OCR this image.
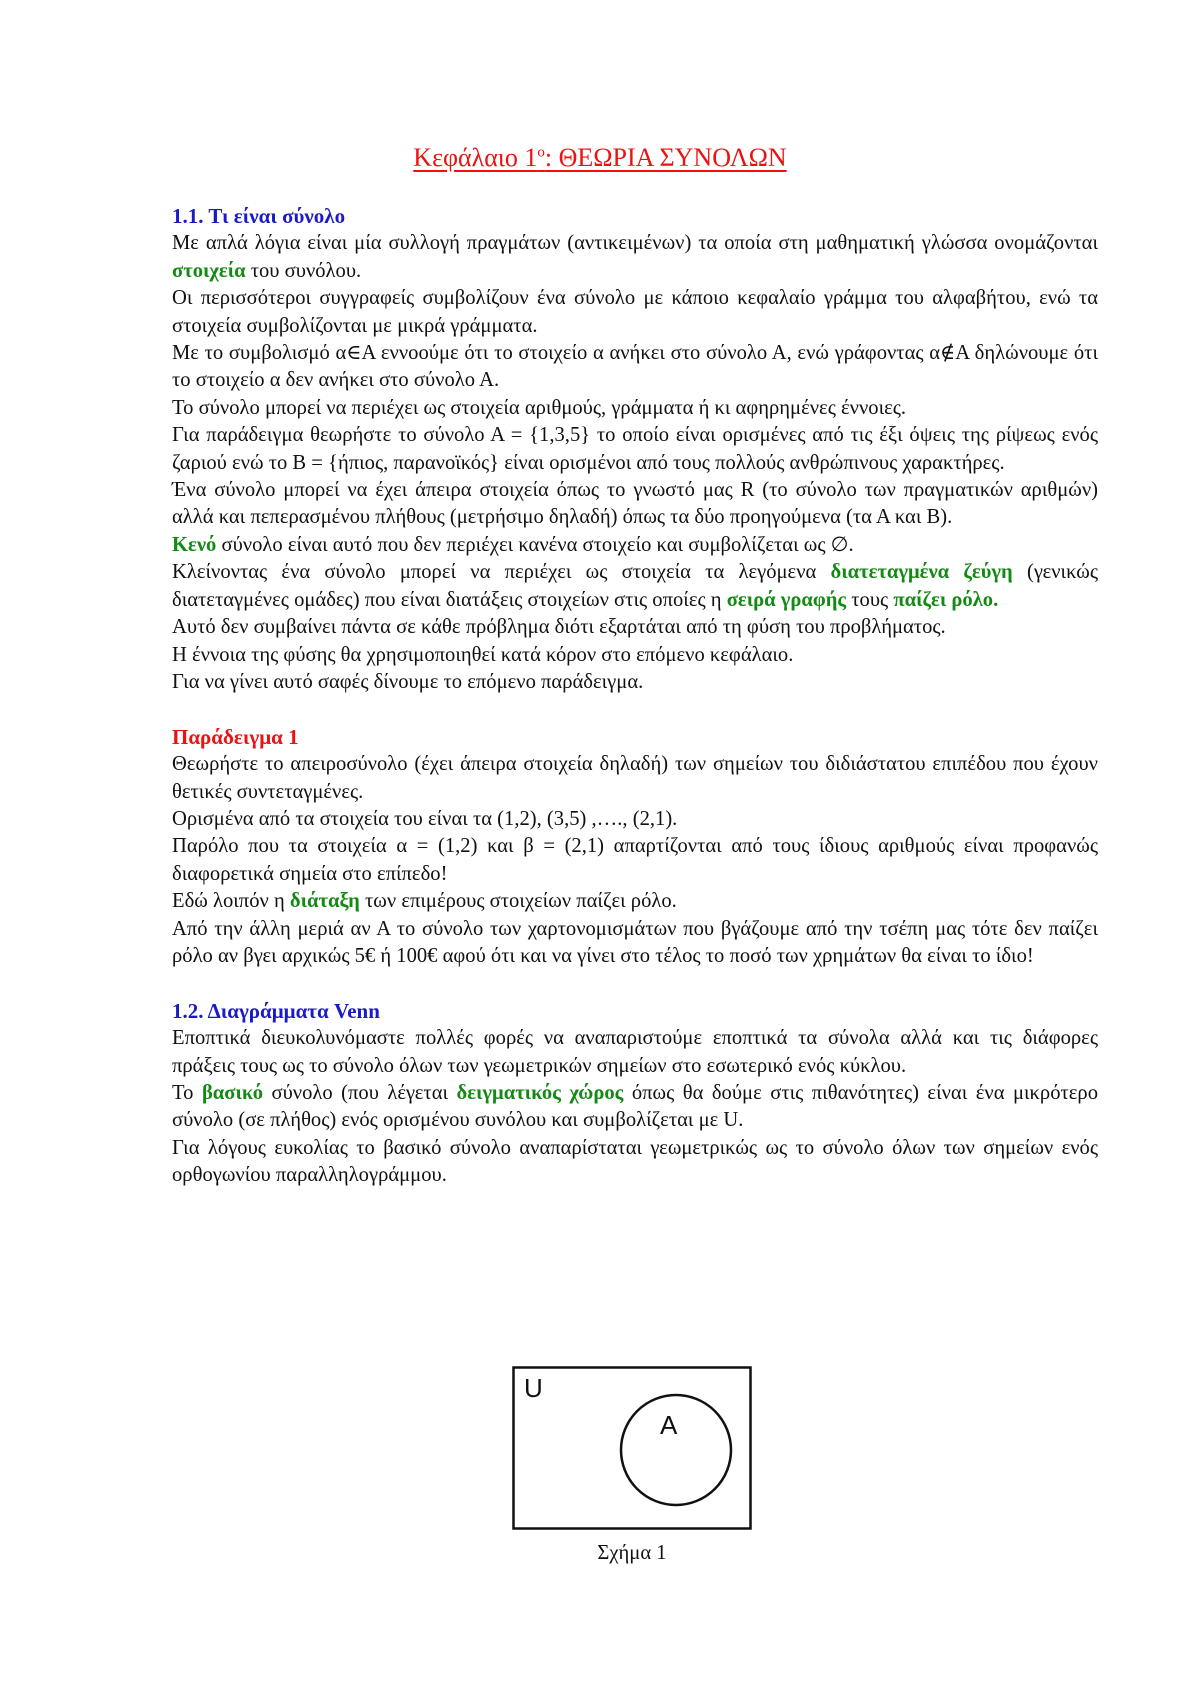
Κεφάλαιο $1^o$: ΘΕΩΡΙΑ ΣΥΝΟΛΩΝ

1.1. Τι είναι σύνολο

Με απλά λόγια είναι μία συλλογή πραγμάτων (αντικειμένων) τα οποία στη μαθηματική γλώσσα ονομάζονται στοιχεία του συνόλου.

Οι περισσότεροι συγγραφείς συμβολίζουν ένα σύνολο με κάποιο κεφαλαίο γράμμα του αλφαβήτου, ενώ τα στοιχεία συμβολίζονται με μικρά γράμματα.

Με το συμβολισμό α∈Α εννοούμε ότι το στοιχείο α ανήκει στο σύνολο Α, ενώ γράφοντας α∉Α δηλώνουμε ότι το στοιχείο α δεν ανήκει στο σύνολο Α.

Το σύνολο μπορεί να περιέχει ως στοιχεία αριθμούς, γράμματα ή κι αφηρημένες έννοιες.

Για παράδειγμα θεωρήστε το σύνολο Α = {1,3,5} το οποίο είναι ορισμένες από τις έξι όψεις της ρίψεως ενός ζαριού ενώ το Β = {ήπιος, παρανοϊκός} είναι ορισμένοι από τους πολλούς ανθρώπινους χαρακτήρες.

Ένα σύνολο μπορεί να έχει άπειρα στοιχεία όπως το γνωστό μας R (το σύνολο των πραγματικών αριθμών) αλλά και πεπερασμένου πλήθους (μετρήσιμο δηλαδή) όπως τα δύο προηγούμενα (τα Α και Β).

Κενό σύνολο είναι αυτό που δεν περιέχει κανένα στοιχείο και συμβολίζεται ως ∅.

Κλείνοντας ένα σύνολο μπορεί να περιέχει ως στοιχεία τα λεγόμενα διατεταγμένα ζεύγη (γενικώς διατεταγμένες ομάδες) που είναι διατάξεις στοιχείων στις οποίες η σειρά γραφής τους παίζει ρόλο.

Αυτό δεν συμβαίνει πάντα σε κάθε πρόβλημα διότι εξαρτάται από τη φύση του προβλήματος.

Η έννοια της φύσης θα χρησιμοποιηθεί κατά κόρον στο επόμενο κεφάλαιο.

Για να γίνει αυτό σαφές δίνουμε το επόμενο παράδειγμα.

Παράδειγμα 1

Θεωρήστε το απειροσύνολο (έχει άπειρα στοιχεία δηλαδή) των σημείων του διδιάστατου επιπέδου που έχουν θετικές συντεταγμένες.

Ορισμένα από τα στοιχεία του είναι τα (1,2), (3,5) ,…., (2,1).

Παρόλο που τα στοιχεία α = (1,2) και β = (2,1) απαρτίζονται από τους ίδιους αριθμούς είναι προφανώς διαφορετικά σημεία στο επίπεδο!

Εδώ λοιπόν η διάταξη των επιμέρους στοιχείων παίζει ρόλο.

Από την άλλη μεριά αν Α το σύνολο των χαρτονομισμάτων που βγάζουμε από την τσέπη μας τότε δεν παίζει ρόλο αν βγει αρχικώς 5€ ή 100€ αφού ότι και να γίνει στο τέλος το ποσό των χρημάτων θα είναι το ίδιο!

1.2. Διαγράμματα Venn

Εποπτικά διευκολυνόμαστε πολλές φορές να αναπαριστούμε εποπτικά τα σύνολα αλλά και τις διάφορες πράξεις τους ως το σύνολο όλων των γεωμετρικών σημείων στο εσωτερικό ενός κύκλου.

Το βασικό σύνολο (που λέγεται δειγματικός χώρος όπως θα δούμε στις πιθανότητες) είναι ένα μικρότερο σύνολο (σε πλήθος) ενός ορισμένου συνόλου και συμβολίζεται με U.

Για λόγους ευκολίας το βασικό σύνολο αναπαρίσταται γεωμετρικώς ως το σύνολο όλων των σημείων ενός ορθογωνίου παραλληλογράμμου.

U
A
Σχήμα 1
